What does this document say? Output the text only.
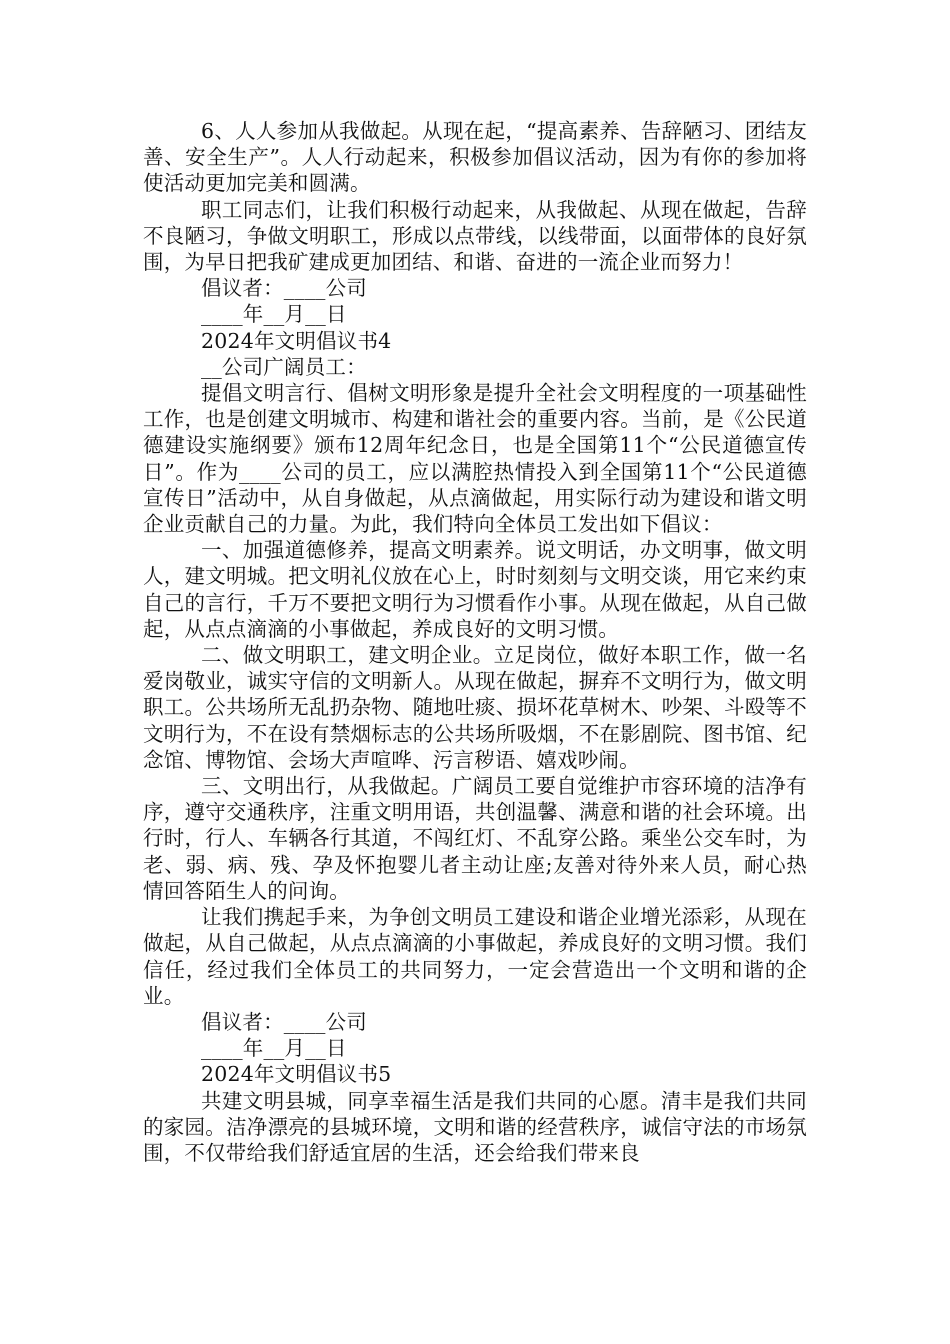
6、人人参加从我做起。从现在起，“提高素养、告辞陋习、团结友善、安全生产”。人人行动起来，积极参加倡议活动，因为有你的参加将使活动更加完美和圆满。

职工同志们，让我们积极行动起来，从我做起、从现在做起，告辞不良陋习，争做文明职工，形成以点带线，以线带面，以面带体的良好氛围，为早日把我矿建成更加团结、和谐、奋进的一流企业而努力！

倡议者：____公司

____年__月__日

2024年文明倡议书4

__公司广阔员工：

提倡文明言行、倡树文明形象是提升全社会文明程度的一项基础性工作，也是创建文明城市、构建和谐社会的重要内容。当前，是《公民道德建设实施纲要》颁布12周年纪念日，也是全国第11个“公民道德宣传日”。作为____公司的员工，应以满腔热情投入到全国第11个“公民道德宣传日”活动中，从自身做起，从点滴做起，用实际行动为建设和谐文明企业贡献自己的力量。为此，我们特向全体员工发出如下倡议：

一、加强道德修养，提高文明素养。说文明话，办文明事，做文明人，建文明城。把文明礼仪放在心上，时时刻刻与文明交谈，用它来约束自己的言行，千万不要把文明行为习惯看作小事。从现在做起，从自己做起，从点点滴滴的小事做起，养成良好的文明习惯。

二、做文明职工，建文明企业。立足岗位，做好本职工作，做一名爱岗敬业，诚实守信的文明新人。从现在做起，摒弃不文明行为，做文明职工。公共场所无乱扔杂物、随地吐痰、损坏花草树木、吵架、斗殴等不文明行为，不在设有禁烟标志的公共场所吸烟，不在影剧院、图书馆、纪念馆、博物馆、会场大声喧哗、污言秽语、嬉戏吵闹。

三、文明出行，从我做起。广阔员工要自觉维护市容环境的洁净有序，遵守交通秩序，注重文明用语，共创温馨、满意和谐的社会环境。出行时，行人、车辆各行其道，不闯红灯、不乱穿公路。乘坐公交车时，为老、弱、病、残、孕及怀抱婴儿者主动让座;友善对待外来人员，耐心热情回答陌生人的问询。

让我们携起手来，为争创文明员工建设和谐企业增光添彩，从现在做起，从自己做起，从点点滴滴的小事做起，养成良好的文明习惯。我们信任，经过我们全体员工的共同努力，一定会营造出一个文明和谐的企业。

倡议者：____公司

____年__月__日

2024年文明倡议书5

共建文明县城，同享幸福生活是我们共同的心愿。清丰是我们共同的家园。洁净漂亮的县城环境，文明和谐的经营秩序，诚信守法的市场氛围，不仅带给我们舒适宜居的生活，还会给我们带来良
